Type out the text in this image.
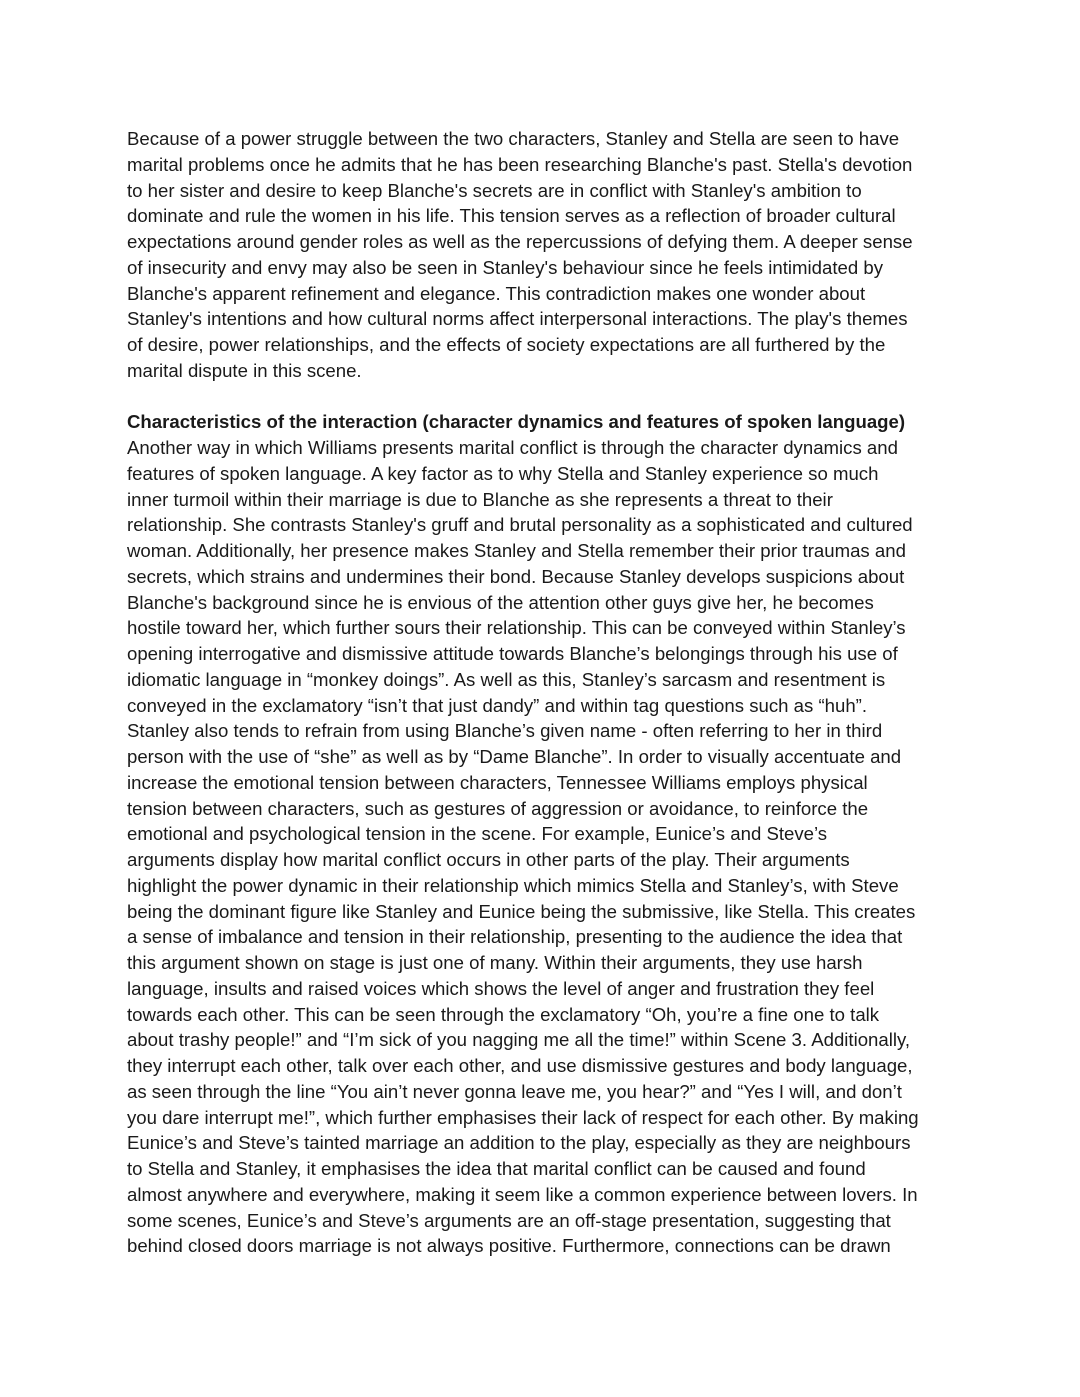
Because of a power struggle between the two characters, Stanley and Stella are seen to have
marital problems once he admits that he has been researching Blanche's past. Stella's devotion
to her sister and desire to keep Blanche's secrets are in conflict with Stanley's ambition to
dominate and rule the women in his life. This tension serves as a reflection of broader cultural
expectations around gender roles as well as the repercussions of defying them. A deeper sense
of insecurity and envy may also be seen in Stanley's behaviour since he feels intimidated by
Blanche's apparent refinement and elegance. This contradiction makes one wonder about
Stanley's intentions and how cultural norms affect interpersonal interactions. The play's themes
of desire, power relationships, and the effects of society expectations are all furthered by the
marital dispute in this scene.

Characteristics of the interaction (character dynamics and features of spoken language)

Another way in which Williams presents marital conflict is through the character dynamics and
features of spoken language. A key factor as to why Stella and Stanley experience so much
inner turmoil within their marriage is due to Blanche as she represents a threat to their
relationship. She contrasts Stanley's gruff and brutal personality as a sophisticated and cultured
woman. Additionally, her presence makes Stanley and Stella remember their prior traumas and
secrets, which strains and undermines their bond. Because Stanley develops suspicions about
Blanche's background since he is envious of the attention other guys give her, he becomes
hostile toward her, which further sours their relationship. This can be conveyed within Stanley’s
opening interrogative and dismissive attitude towards Blanche’s belongings through his use of
idiomatic language in “monkey doings”. As well as this, Stanley’s sarcasm and resentment is
conveyed in the exclamatory “isn’t that just dandy” and within tag questions such as “huh”.
Stanley also tends to refrain from using Blanche’s given name - often referring to her in third
person with the use of “she” as well as by “Dame Blanche”. In order to visually accentuate and
increase the emotional tension between characters, Tennessee Williams employs physical
tension between characters, such as gestures of aggression or avoidance, to reinforce the
emotional and psychological tension in the scene. For example, Eunice’s and Steve’s
arguments display how marital conflict occurs in other parts of the play. Their arguments
highlight the power dynamic in their relationship which mimics Stella and Stanley’s, with Steve
being the dominant figure like Stanley and Eunice being the submissive, like Stella. This creates
a sense of imbalance and tension in their relationship, presenting to the audience the idea that
this argument shown on stage is just one of many. Within their arguments, they use harsh
language, insults and raised voices which shows the level of anger and frustration they feel
towards each other. This can be seen through the exclamatory “Oh, you’re a fine one to talk
about trashy people!” and “I’m sick of you nagging me all the time!” within Scene 3. Additionally,
they interrupt each other, talk over each other, and use dismissive gestures and body language,
as seen through the line “You ain’t never gonna leave me, you hear?” and “Yes I will, and don’t
you dare interrupt me!”, which further emphasises their lack of respect for each other. By making
Eunice’s and Steve’s tainted marriage an addition to the play, especially as they are neighbours
to Stella and Stanley, it emphasises the idea that marital conflict can be caused and found
almost anywhere and everywhere, making it seem like a common experience between lovers. In
some scenes, Eunice’s and Steve’s arguments are an off-stage presentation, suggesting that
behind closed doors marriage is not always positive. Furthermore, connections can be drawn
